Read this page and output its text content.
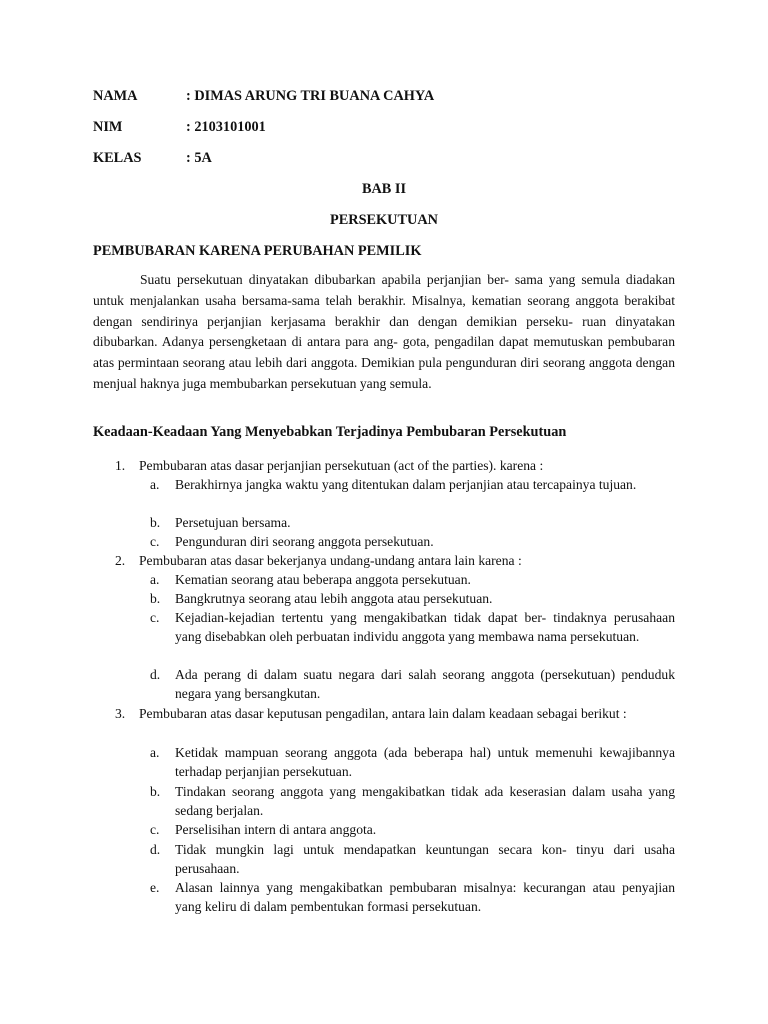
NAMA	: DIMAS ARUNG TRI BUANA CAHYA
NIM	: 2103101001
KELAS	: 5A
BAB II
PERSEKUTUAN
PEMBUBARAN KARENA PERUBAHAN PEMILIK

Suatu persekutuan dinyatakan dibubarkan apabila perjanjian ber- sama yang semula diadakan untuk menjalankan usaha bersama-sama telah berakhir. Misalnya, kematian seorang anggota berakibat dengan sendirinya perjanjian kerjasama berakhir dan dengan demikian perseku- ruan dinyatakan dibubarkan. Adanya persengketaan di antara para ang- gota, pengadilan dapat memutuskan pembubaran atas permintaan seorang atau lebih dari anggota. Demikian pula pengunduran diri seorang anggota dengan menjual haknya juga membubarkan persekutuan yang semula.

Keadaan-Keadaan Yang Menyebabkan Terjadinya Pembubaran Persekutuan
1.	Pembubaran atas dasar perjanjian persekutuan (act of the parties). karena :
a.	Berakhirnya jangka waktu yang ditentukan dalam perjanjian atau tercapainya tujuan.
b.	Persetujuan bersama.
c.	Pengunduran diri seorang anggota persekutuan.
2.	Pembubaran atas dasar bekerjanya undang-undang antara lain karena :
a.	Kematian seorang atau beberapa anggota persekutuan.
b.	Bangkrutnya seorang atau lebih anggota atau persekutuan.
c.	Kejadian-kejadian tertentu yang mengakibatkan tidak dapat ber- tindaknya perusahaan yang disebabkan oleh perbuatan individu anggota yang membawa nama persekutuan.
d.	Ada perang di dalam suatu negara dari salah seorang anggota (persekutuan) penduduk negara yang bersangkutan.
3.	Pembubaran atas dasar keputusan pengadilan, antara lain dalam keadaan sebagai berikut :
a.	Ketidak mampuan seorang anggota (ada beberapa hal) untuk memenuhi kewajibannya terhadap perjanjian persekutuan.
b.	Tindakan seorang anggota yang mengakibatkan tidak ada keserasian dalam usaha yang sedang berjalan.
c.	Perselisihan intern di antara anggota.
d.	Tidak mungkin lagi untuk mendapatkan keuntungan secara kon- tinyu dari usaha perusahaan.
e.	Alasan lainnya yang mengakibatkan pembubaran misalnya: kecurangan atau penyajian yang keliru di dalam pembentukan formasi persekutuan.
